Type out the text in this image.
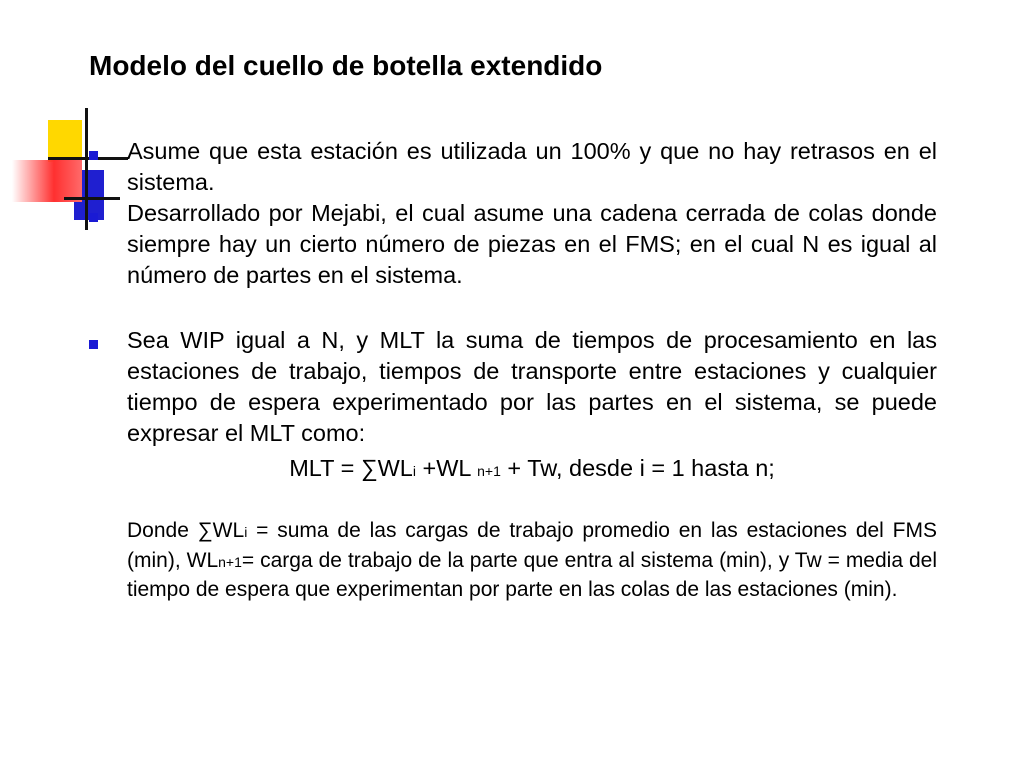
Modelo del cuello de botella extendido
Asume que esta estación es utilizada un 100% y que no hay retrasos en el sistema.
Desarrollado por Mejabi, el cual asume una cadena cerrada de colas donde siempre hay un cierto número de piezas en el FMS; en el cual N es igual al número de partes en el sistema.
Sea WIP igual a N, y MLT la suma de tiempos de procesamiento en las estaciones de trabajo, tiempos de transporte entre estaciones y cualquier tiempo de espera experimentado por las partes en el sistema, se puede expresar el MLT como:
MLT = ∑WLi +WL n+1 + Tw, desde i = 1 hasta n;
Donde ∑WLi = suma de las cargas de trabajo promedio en las estaciones del FMS (min), WLn+1= carga de trabajo de la parte que entra al sistema (min), y Tw = media del tiempo de espera que experimentan por parte en las colas de las estaciones (min).
